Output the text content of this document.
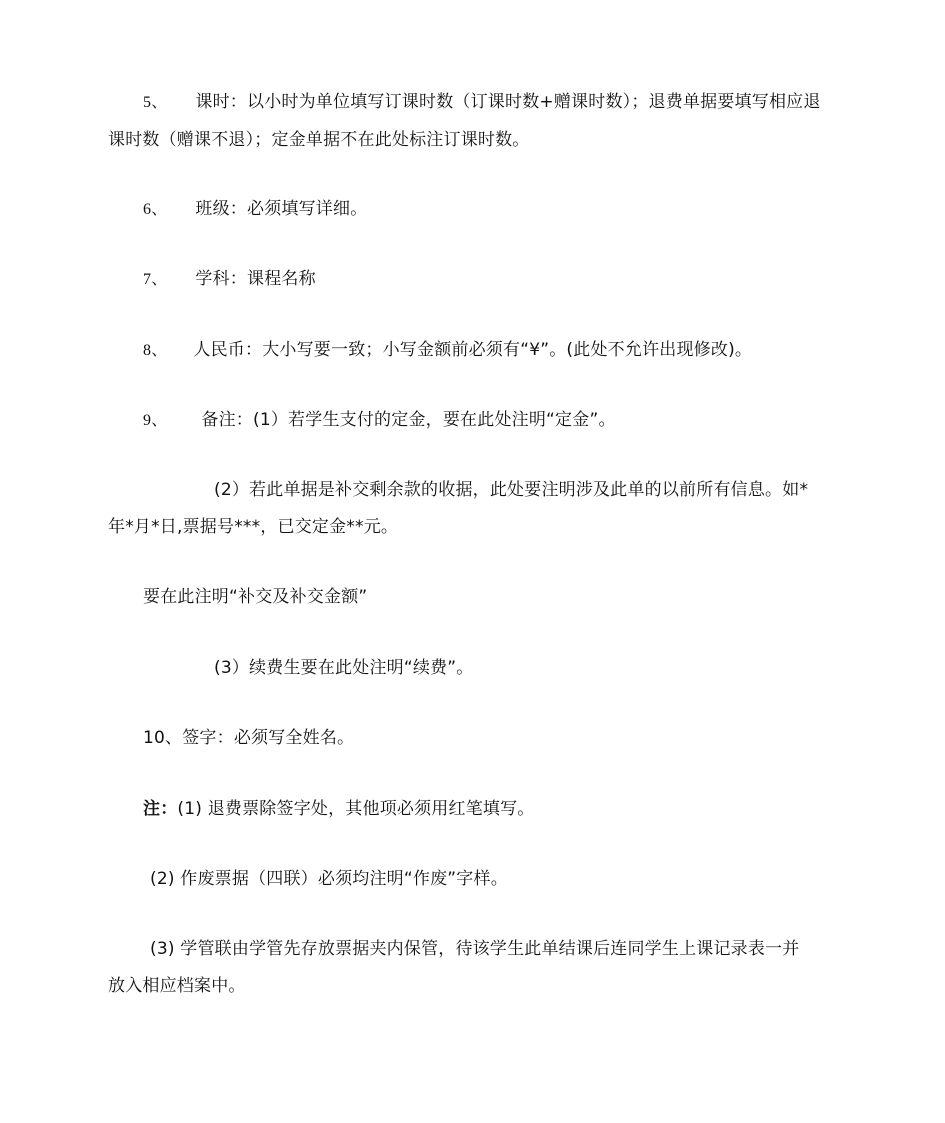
5、 课时：以小时为单位填写订课时数（订课时数+赠课时数）；退费单据要填写相应退
课时数（赠课不退）；定金单据不在此处标注订课时数。
6、 班级：必须填写详细。
7、 学科：课程名称
8、 人民币：大小写要一致；小写金额前必须有“¥”。(此处不允许出现修改)。
9、 备注：(1）若学生支付的定金，要在此处注明“定金”。
(2）若此单据是补交剩余款的收据，此处要注明涉及此单的以前所有信息。如*
年*月*日,票据号***，已交定金**元。
要在此注明“补交及补交金额”
(3）续费生要在此处注明“续费”。
10、签字：必须写全姓名。
注：(1) 退费票除签字处，其他项必须用红笔填写。
(2) 作废票据（四联）必须均注明“作废”字样。
(3) 学管联由学管先存放票据夹内保管，待该学生此单结课后连同学生上课记录表一并
放入相应档案中。
